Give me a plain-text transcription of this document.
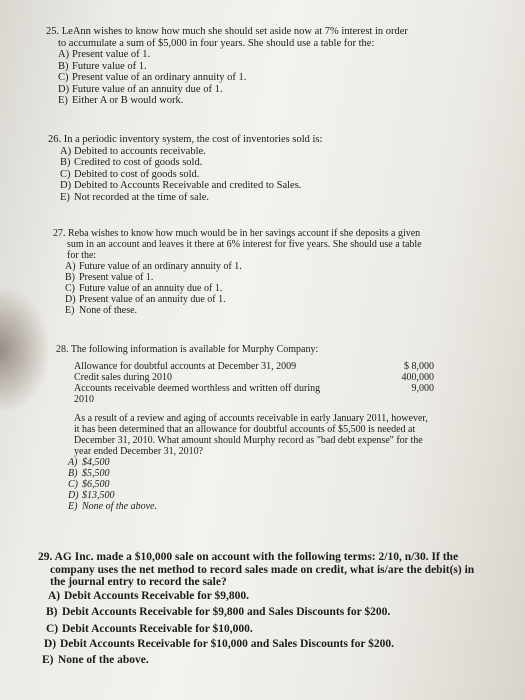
25. LeAnn wishes to know how much she should set aside now at 7% interest in order
to accumulate a sum of $5,000 in four years. She should use a table for the:
A) Present value of 1.
B) Future value of 1.
C) Present value of an ordinary annuity of 1.
D) Future value of an annuity due of 1.
E) Either A or B would work.
26. In a periodic inventory system, the cost of inventories sold is:
A) Debited to accounts receivable.
B) Credited to cost of goods sold.
C) Debited to cost of goods sold.
D) Debited to Accounts Receivable and credited to Sales.
E) Not recorded at the time of sale.
27. Reba wishes to know how much would be in her savings account if she deposits a given
sum in an account and leaves it there at 6% interest for five years. She should use a table
for the:
A) Future value of an ordinary annuity of 1.
B) Present value of 1.
C) Future value of an annuity due of 1.
D) Present value of an annuity due of 1.
E) None of these.
28. The following information is available for Murphy Company:
Allowance for doubtful accounts at December 31, 2009	$ 8,000
Credit sales during 2010	400,000
Accounts receivable deemed worthless and written off during	9,000
2010
As a result of a review and aging of accounts receivable in early January 2011, however,
it has been determined that an allowance for doubtful accounts of $5,500 is needed at
December 31, 2010. What amount should Murphy record as "bad debt expense" for the
year ended December 31, 2010?
A) $4,500
B) $5,500
C) $6,500
D) $13,500
E) None of the above.
29. AG Inc. made a $10,000 sale on account with the following terms: 2/10, n/30. If the
company uses the net method to record sales made on credit, what is/are the debit(s) in
the journal entry to record the sale?
A) Debit Accounts Receivable for $9,800.
B) Debit Accounts Receivable for $9,800 and Sales Discounts for $200.
C) Debit Accounts Receivable for $10,000.
D) Debit Accounts Receivable for $10,000 and Sales Discounts for $200.
E) None of the above.
